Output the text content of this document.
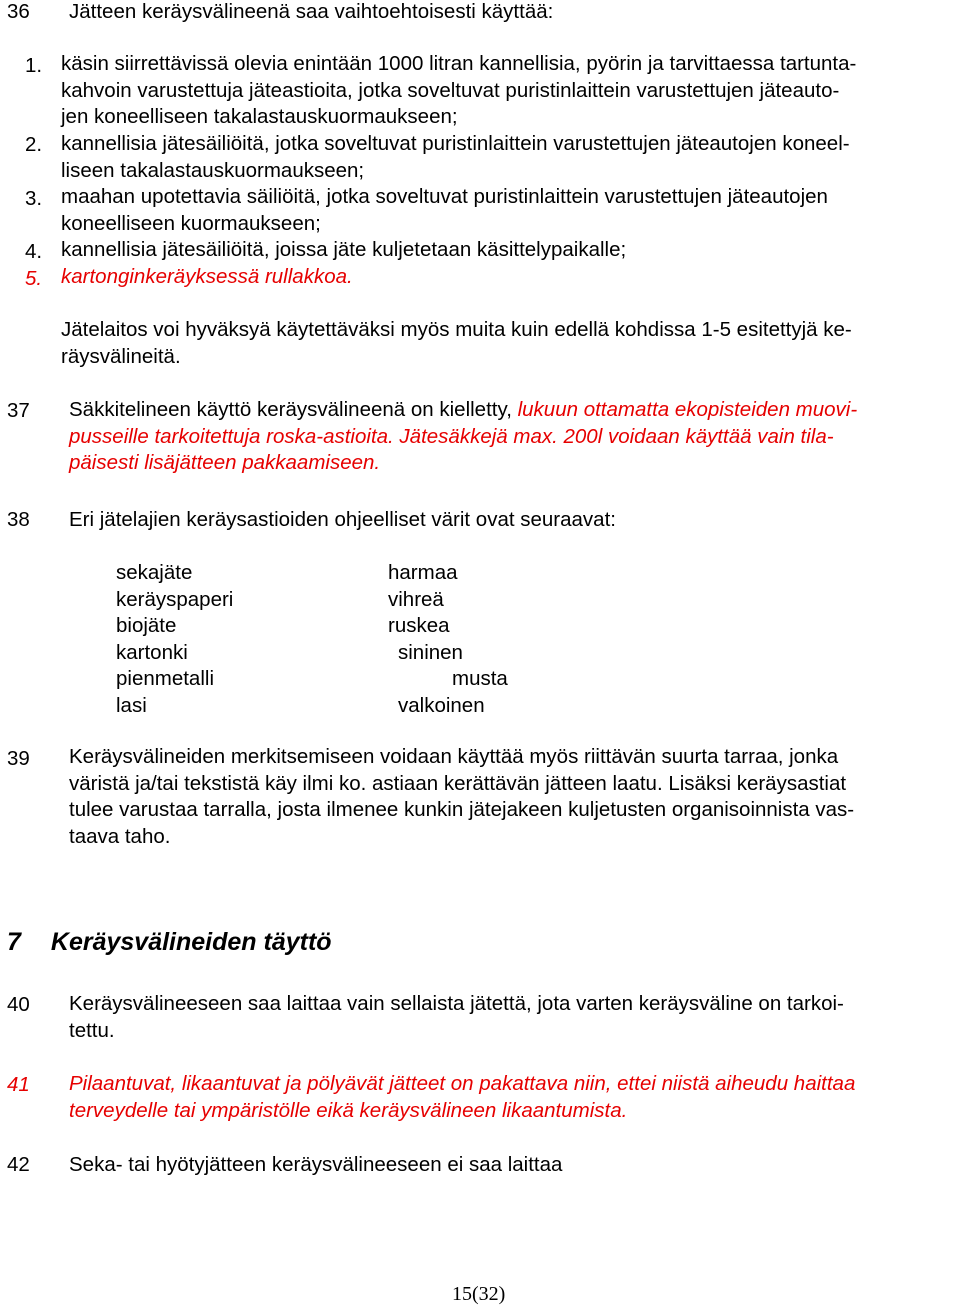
36 Jätteen keräysvälineenä saa vaihtoehtoisesti käyttää:
1. käsin siirrettävissä olevia enintään 1000 litran kannellisia, pyörin ja tarvittaessa tartunta-
kahvoin varustettuja jäteastioita, jotka soveltuvat puristinlaittein varustettujen jäteauto-
jen koneelliseen takalastauskuormaukseen;
2. kannellisia jätesäiliöitä, jotka soveltuvat puristinlaittein varustettujen jäteautojen koneel-
liseen takalastauskuormaukseen;
3. maahan upotettavia säiliöitä, jotka soveltuvat puristinlaittein varustettujen jäteautojen
koneelliseen kuormaukseen;
4. kannellisia jätesäiliöitä, joissa jäte kuljetetaan käsittelypaikalle;
5. kartonginkeräyksessä rullakkoa.
Jätelaitos voi hyväksyä käytettäväksi myös muita kuin edellä kohdissa 1-5 esitettyjä ke-
räysvälineitä.
37 Säkkitelineen käyttö keräysvälineenä on kielletty, lukuun ottamatta ekopisteiden muovi-
pusseille tarkoitettuja roska-astioita. Jätesäkkejä max. 200l voidaan käyttää vain tila-
päisesti lisäjätteen pakkaamiseen.
38 Eri jätelajien keräysastioiden ohjeelliset värit ovat seuraavat:
sekajäte	harmaa
keräyspaperi	vihreä
biojäte	ruskea
kartonki	sininen
pienmetalli	musta
lasi	valkoinen
39 Keräysvälineiden merkitsemiseen voidaan käyttää myös riittävän suurta tarraa, jonka
väristä ja/tai tekstistä käy ilmi ko. astiaan kerättävän jätteen laatu. Lisäksi keräysastiat
tulee varustaa tarralla, josta ilmenee kunkin jätejakeen kuljetusten organisoinnista vas-
taava taho.
7 Keräysvälineiden täyttö
40 Keräysvälineeseen saa laittaa vain sellaista jätettä, jota varten keräysväline on tarkoi-
tettu.
41 Pilaantuvat, likaantuvat ja pölyävät jätteet on pakattava niin, ettei niistä aiheudu haittaa
terveydelle tai ympäristölle eikä keräysvälineen likaantumista.
42 Seka- tai hyötyjätteen keräysvälineeseen ei saa laittaa
15(32)
